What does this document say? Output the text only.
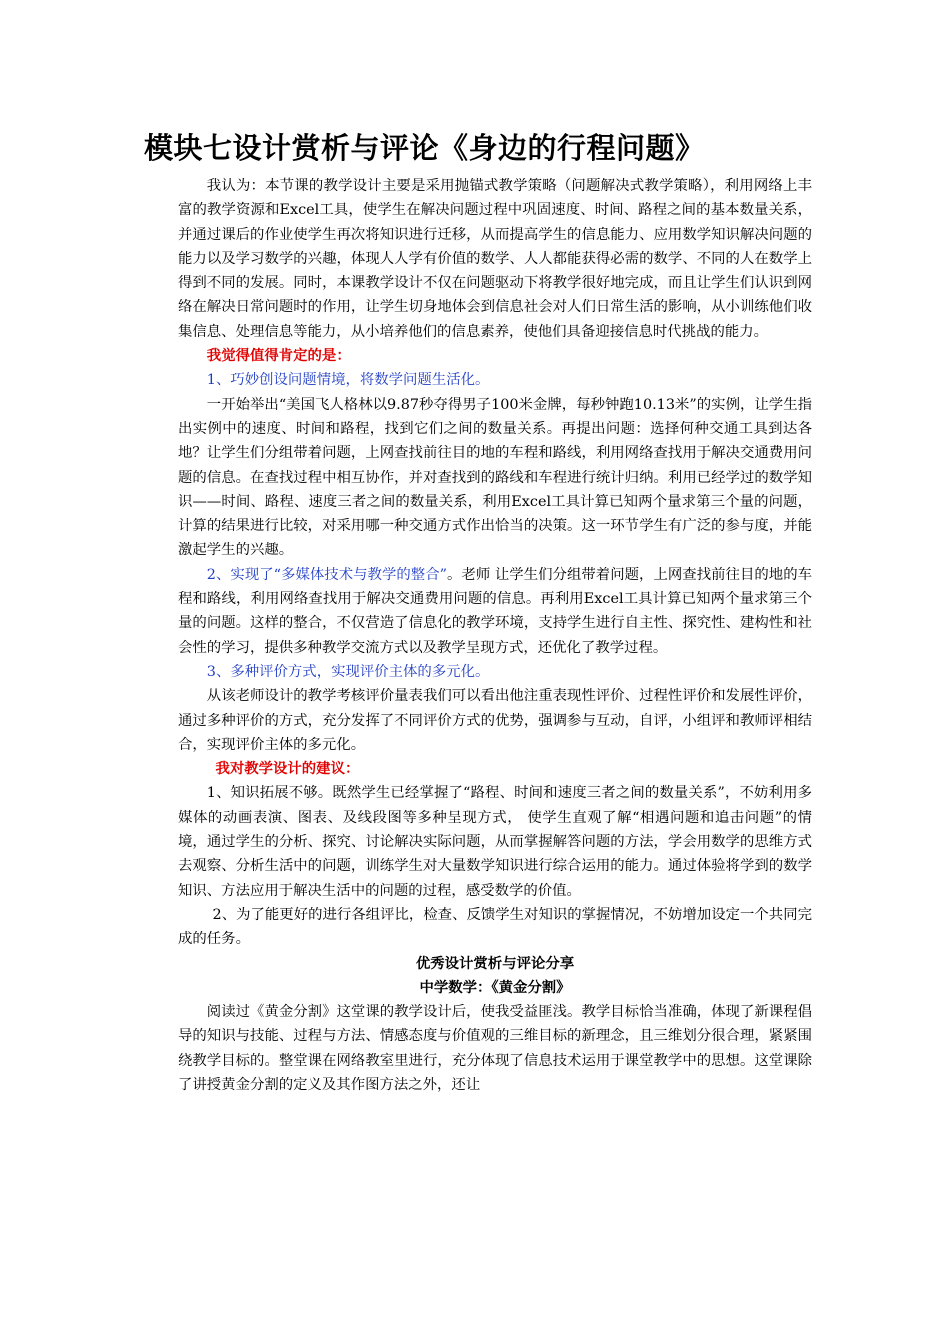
模块七设计赏析与评论《身边的行程问题》

我认为：本节课的教学设计主要是采用抛锚式教学策略（问题解决式教学策略），利用网络上丰富的教学资源和Excel工具，使学生在解决问题过程中巩固速度、时间、路程之间的基本数量关系，并通过课后的作业使学生再次将知识进行迁移，从而提高学生的信息能力、应用数学知识解决问题的能力以及学习数学的兴趣，体现人人学有价值的数学、人人都能获得必需的数学、不同的人在数学上得到不同的发展。同时，本课教学设计不仅在问题驱动下将教学很好地完成，而且让学生们认识到网络在解决日常问题时的作用，让学生切身地体会到信息社会对人们日常生活的影响，从小训练他们收集信息、处理信息等能力，从小培养他们的信息素养，使他们具备迎接信息时代挑战的能力。

我觉得值得肯定的是：

1、巧妙创设问题情境，将数学问题生活化。

一开始举出“美国飞人格林以9.87秒夺得男子100米金牌，每秒钟跑10.13米”的实例，让学生指出实例中的速度、时间和路程，找到它们之间的数量关系。再提出问题：选择何种交通工具到达各地？让学生们分组带着问题，上网查找前往目的地的车程和路线，利用网络查找用于解决交通费用问题的信息。在查找过程中相互协作，并对查找到的路线和车程进行统计归纳。利用已经学过的数学知识——时间、路程、速度三者之间的数量关系，利用Excel工具计算已知两个量求第三个量的问题，计算的结果进行比较，对采用哪一种交通方式作出恰当的决策。这一环节学生有广泛的参与度，并能激起学生的兴趣。

2、实现了“多媒体技术与教学的整合”。老师 让学生们分组带着问题，上网查找前往目的地的车程和路线，利用网络查找用于解决交通费用问题的信息。再利用Excel工具计算已知两个量求第三个量的问题。这样的整合，不仅营造了信息化的教学环境，支持学生进行自主性、探究性、建构性和社会性的学习，提供多种教学交流方式以及教学呈现方式，还优化了教学过程。

3、多种评价方式，实现评价主体的多元化。

从该老师设计的教学考核评价量表我们可以看出他注重表现性评价、过程性评价和发展性评价，通过多种评价的方式，充分发挥了不同评价方式的优势，强调参与互动，自评，小组评和教师评相结合，实现评价主体的多元化。

我对教学设计的建议：

1、知识拓展不够。既然学生已经掌握了“路程、时间和速度三者之间的数量关系”，不妨利用多媒体的动画表演、图表、及线段图等多种呈现方式， 使学生直观了解“相遇问题和追击问题”的情境，通过学生的分析、探究、讨论解决实际问题，从而掌握解答问题的方法，学会用数学的思维方式去观察、分析生活中的问题，训练学生对大量数学知识进行综合运用的能力。通过体验将学到的数学知识、方法应用于解决生活中的问题的过程，感受数学的价值。

2、为了能更好的进行各组评比，检查、反馈学生对知识的掌握情况，不妨增加设定一个共同完成的任务。

优秀设计赏析与评论分享

中学数学：《黄金分割》

阅读过《黄金分割》这堂课的教学设计后，使我受益匪浅。教学目标恰当准确，体现了新课程倡导的知识与技能、过程与方法、情感态度与价值观的三维目标的新理念，且三维划分很合理，紧紧围绕教学目标的。整堂课在网络教室里进行，充分体现了信息技术运用于课堂教学中的思想。这堂课除了讲授黄金分割的定义及其作图方法之外，还让
